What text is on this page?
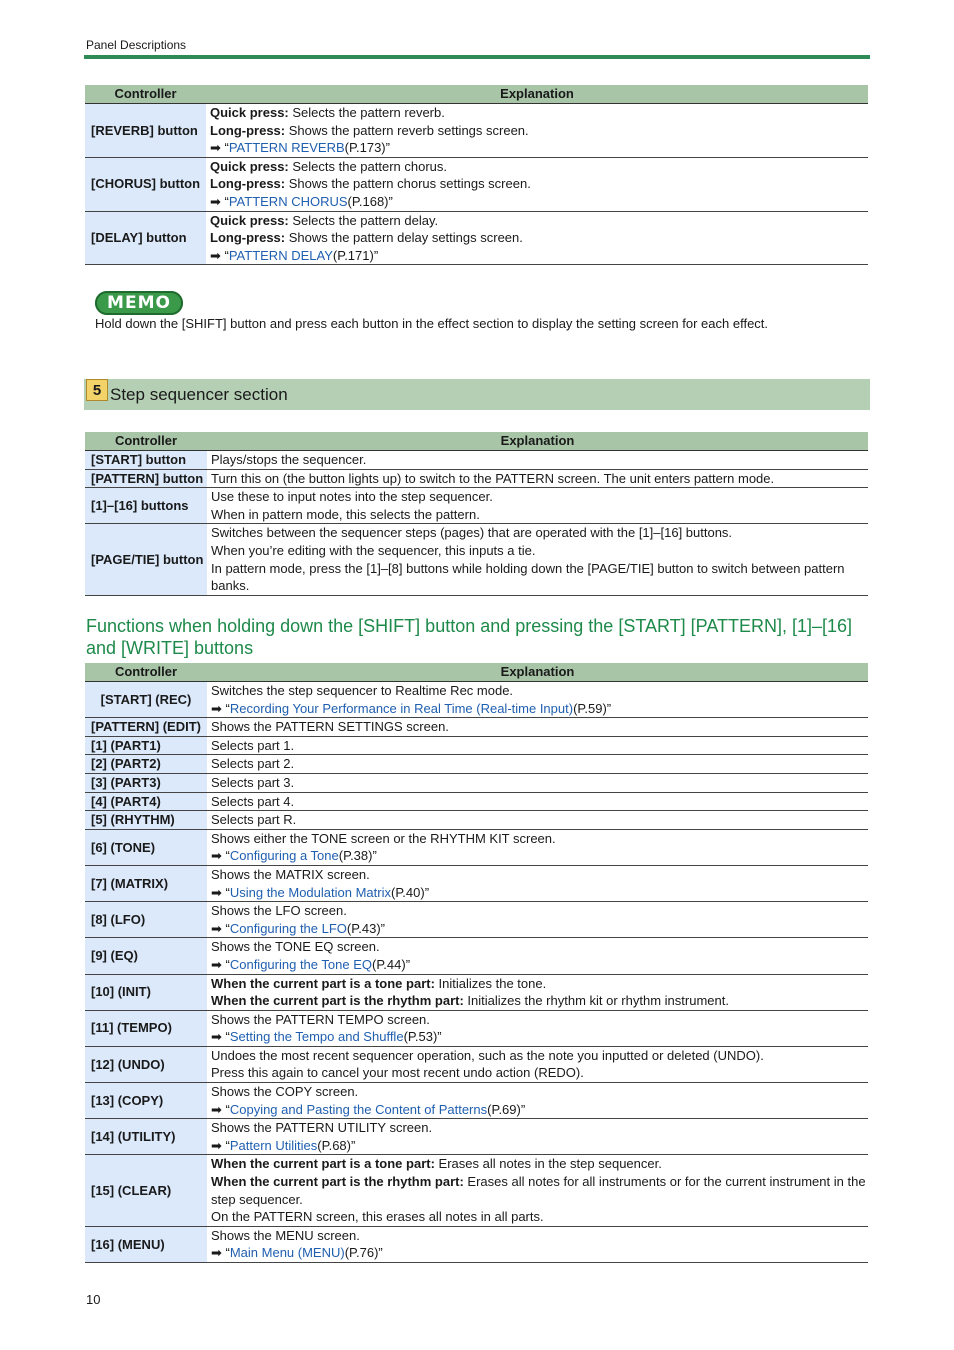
Panel Descriptions
Controller	Explanation
[REVERB] button	Quick press: Selects the pattern reverb.
Long-press: Shows the pattern reverb settings screen.
➡ “PATTERN REVERB(P.173)”

[CHORUS] button	Quick press: Selects the pattern chorus.
Long-press: Shows the pattern chorus settings screen.
➡ “PATTERN CHORUS(P.168)”

[DELAY] button	Quick press: Selects the pattern delay.
Long-press: Shows the pattern delay settings screen.
➡ “PATTERN DELAY(P.171)”
MEMO
Hold down the [SHIFT] button and press each button in the effect section to display the setting screen for each effect.
5 Step sequencer section
Controller	Explanation
[START] button	Plays/stops the sequencer.

[PATTERN] button	Turn this on (the button lights up) to switch to the PATTERN screen. The unit enters pattern mode.

[1]–[16] buttons	Use these to input notes into the step sequencer.
When in pattern mode, this selects the pattern.

[PAGE/TIE] button	Switches between the sequencer steps (pages) that are operated with the [1]–[16] buttons.
When you’re editing with the sequencer, this inputs a tie.
In pattern mode, press the [1]–[8] buttons while holding down the [PAGE/TIE] button to switch between pattern banks.
Functions when holding down the [SHIFT] button and pressing the [START] [PATTERN], [1]–[16] and [WRITE] buttons
Controller	Explanation
[START] (REC)	Switches the step sequencer to Realtime Rec mode.
➡ “Recording Your Performance in Real Time (Real-time Input)(P.59)”

[PATTERN] (EDIT)	Shows the PATTERN SETTINGS screen.

[1] (PART1)	Selects part 1.

[2] (PART2)	Selects part 2.

[3] (PART3)	Selects part 3.

[4] (PART4)	Selects part 4.

[5] (RHYTHM)	Selects part R.

[6] (TONE)	Shows either the TONE screen or the RHYTHM KIT screen.
➡ “Configuring a Tone(P.38)”

[7] (MATRIX)	Shows the MATRIX screen.
➡ “Using the Modulation Matrix(P.40)”

[8] (LFO)	Shows the LFO screen.
➡ “Configuring the LFO(P.43)”

[9] (EQ)	Shows the TONE EQ screen.
➡ “Configuring the Tone EQ(P.44)”

[10] (INIT)	When the current part is a tone part: Initializes the tone.
When the current part is the rhythm part: Initializes the rhythm kit or rhythm instrument.

[11] (TEMPO)	Shows the PATTERN TEMPO screen.
➡ “Setting the Tempo and Shuffle(P.53)”

[12] (UNDO)	Undoes the most recent sequencer operation, such as the note you inputted or deleted (UNDO).
Press this again to cancel your most recent undo action (REDO).

[13] (COPY)	Shows the COPY screen.
➡ “Copying and Pasting the Content of Patterns(P.69)”

[14] (UTILITY)	Shows the PATTERN UTILITY screen.
➡ “Pattern Utilities(P.68)”

[15] (CLEAR)	When the current part is a tone part: Erases all notes in the step sequencer.
When the current part is the rhythm part: Erases all notes for all instruments or for the current instrument in the step sequencer.
On the PATTERN screen, this erases all notes in all parts.

[16] (MENU)	Shows the MENU screen.
➡ “Main Menu (MENU)(P.76)”
10
